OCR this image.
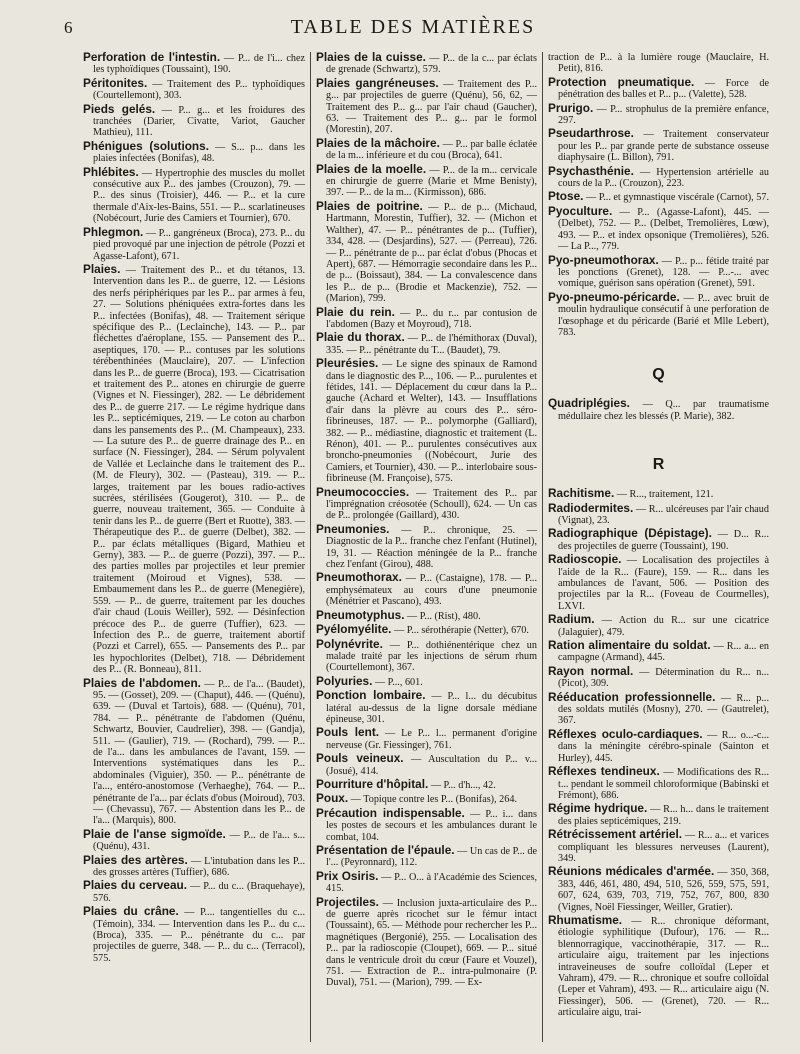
6	TABLE DES MATIÈRES

Perforation de l'intestin. — P... de l'i... chez les typhoïdiques (Toussaint), 190.

Péritonites. — Traitement des P... typhoïdiques (Courtellemont), 303.

Pieds gelés. — P... g... et les froidures des tranchées (Darier, Civatte, Variot, Gaucher Mathieu), 111.

Phénigues (solutions. — S... p... dans les plaies infectées (Bonifas), 48.

Phlébites. — Hypertrophie des muscles du mollet consécutive aux P... des jambes (Crouzon), 79. — P... des sinus (Troisier), 446. — P... et la cure thermale d'Aix-les-Bains, 551. — P... scarlatineuses (Nobécourt, Jurie des Camiers et Tournier), 670.

Phlegmon. — P... gangréneux (Broca), 273. P... du pied provoqué par une injection de pétrole (Pozzi et Agasse-Lafont), 671.

Plaies. — Traitement des P... et du tétanos, 13. Intervention dans les P... de guerre, 12. — Lésions des nerfs périphériques par les P... par armes à feu, 27. — Solutions phéniquées extra-fortes dans les P... infectées (Bonifas), 48. — Traitement sérique spécifique des P... (Leclainche), 143. — P... par fléchettes d'aéroplane, 155. — Pansement des P... aseptiques, 170. — P... contuses par les solutions térébenthinées (Mauclaire), 207. — L'infection dans les P... de guerre (Broca), 193. — Cicatrisation et traitement des P... atones en chirurgie de guerre (Vignes et N. Fiessinger), 282. — Le débridement des P... de guerre 217. — Le régime hydrique dans les P... septicémiques, 219. — Le coton au charbon dans les pansements des P... (M. Champeaux), 233. — La suture des P... de guerre drainage des P... en surface (N. Fiessinger), 284. — Sérum polyvalent de Vallée et Leclainche dans le traitement des P... (M. de Fleury), 302. — (Pasteau), 319. — P... larges, traitement par les boues radio-actives sucrées, stérilisées (Gougerot), 310. — P... de guerre, nouveau traitement, 365. — Conduite à tenir dans les P... de guerre (Bert et Ruotte), 383. — Thérapeutique des P... de guerre (Delbet), 382. — P... par éclats métalliques (Bigard, Mathieu et Gerny), 383. — P... de guerre (Pozzi), 397. — P... des parties molles par projectiles et leur premier traitement (Moiroud et Vignes), 538. — Embaumement dans les P... de guerre (Menegière), 559. — P... de guerre, traitement par les douches d'air chaud (Louis Weiller), 592. — Désinfection précoce des P... de guerre (Tuffier), 623. — Infection des P... de guerre, traitement abortif (Pozzi et Carrel), 655. — Pansements des P... par les hypochlorites (Delbet), 718. — Débridement des P... (R. Bonneau), 811.

Plaies de l'abdomen. — P... de l'a... (Baudet), 95. — (Gosset), 209. — (Chaput), 446. — (Quénu), 639. — (Duval et Tartois), 688. — (Quénu), 701, 784. — P... pénétrante de l'abdomen (Quénu, Schwartz, Bouvier, Caudrelier), 398. — (Gandja), 511. — (Gaulier), 719. — (Rochard), 799. — P... de l'a... dans les ambulances de l'avant, 159. — Interventions systématiques dans les P... abdominales (Viguier), 350. — P... pénétrante de l'a..., entéro-anostomose (Verhaeghe), 764. — P... pénétrante de l'a... par éclats d'obus (Moiroud), 703. — (Chevassu), 767. — Abstention dans les P... de l'a... (Marquis), 800.

Plaie de l'anse sigmoïde. — P... de l'a... s... (Quénu), 431.

Plaies des artères. — L'intubation dans les P... des grosses artères (Tuffier), 686.

Plaies du cerveau. — P... du c... (Braquehaye), 576.

Plaies du crâne. — P.... tangentielles du c... (Témoin), 334. — Intervention dans les P... du c... (Broca), 335. — P... pénétrante du c... par projectiles de guerre, 348. — P... du c... (Terracol), 575.

Plaies de la cuisse. — P... de la c... par éclats de grenade (Schwartz), 579.

Plaies gangréneuses. — Traitement des P... g... par projectiles de guerre (Quénu), 56, 62, — Traitement des P... g... par l'air chaud (Gaucher), 63. — Traitement des P... g... par le formol (Morestin), 207.

Plaies de la mâchoire. — P... par balle éclatée de la m... inférieure et du cou (Broca), 641.

Plaies de la moelle. — P... de la m... cervicale en chirurgie de guerre (Marie et Mme Benisty), 397. — P... de la m... (Kirmisson), 686.

Plaies de poitrine. — P... de p... (Michaud, Hartmann, Morestin, Tuffier), 32. — (Michon et Walther), 47. — P... pénétrantes de p... (Tuffier), 334, 428. — (Desjardins), 527. — (Perreau), 726. — P... pénétrante de p... par éclat d'obus (Phocas et Apert), 687. — Hémorragie secondaire dans les P... de p... (Boissaut), 384. — La convalescence dans les P... de p... (Brodie et Mackenzie), 752. — (Marion), 799.

Plaie du rein. — P... du r... par contusion de l'abdomen (Bazy et Moyroud), 718.

Plaie du thorax. — P... de l'hémithorax (Duval), 335. — P... pénétrante du T... (Baudet), 79.

Pleurésies. — Le signe des spinaux de Ramond dans le diagnostic des P..., 106. — P... purulentes et fétides, 141. — Déplacement du cœur dans la P... gauche (Achard et Welter), 143. — Insufflations d'air dans la plèvre au cours des P... séro-fibrineuses, 187. — P... polymorphe (Galliard), 382. — P... médiastine, diagnostic et traitement (L. Rénon), 401. — P... purulentes consécutives aux broncho-pneumonies ((Nobécourt, Jurie des Camiers, et Tournier), 430. — P... interlobaire sous-fibrineuse (M. Françoise), 575.

Pneumococcies. — Traitement des P... par l'imprégnation créosotée (Schoull), 624. — Un cas de P... prolongée (Gaillard), 430.

Pneumonies. — P... chronique, 25. — Diagnostic de la P... franche chez l'enfant (Hutinel), 19, 31. — Réaction méningée de la P... franche chez l'enfant (Girou), 488.

Pneumothorax. — P... (Castaigne), 178. — P... emphysémateux au cours d'une pneumonie (Ménétrier et Pascano), 493.

Pneumotyphus. — P... (Rist), 480.

Pyélomyélite. — P... sérothérapie (Netter), 670.

Polynévrite. — P... dothiénentérique chez un malade traité par les injections de sérum rhum (Courtellemont), 367.

Polyuries. — P..., 601.

Ponction lombaire. — P... l... du décubitus latéral au-dessus de la ligne dorsale médiane épineuse, 301.

Pouls lent. — Le P... l... permanent d'origine nerveuse (Gr. Fiessinger), 761.

Pouls veineux. — Auscultation du P... v... (Josué), 414.

Pourriture d'hôpital. — P... d'h..., 42.

Poux. — Topique contre les P... (Bonifas), 264.

Précaution indispensable. — P... i... dans les postes de secours et les ambulances durant le combat, 104.

Présentation de l'épaule. — Un cas de P... de l'... (Peyronnard), 112.

Prix Osiris. — P... O... à l'Académie des Sciences, 415.

Projectiles. — Inclusion juxta-articulaire des P... de guerre après ricochet sur le fémur intact (Toussaint), 65. — Méthode pour rechercher les P... magnétiques (Bergonié), 255. — Localisation des P... par la radioscopie (Cloupet), 669. — P... situé dans le ventricule droit du cœur (Faure et Vouzel), 751. — Extraction de P... intra-pulmonaire (P. Duval), 751. — (Marion), 799. — Ex-

traction de P... à la lumière rouge (Mauclaire, H. Petit), 816.

Protection pneumatique. — Force de pénétration des balles et P... p... (Valette), 528.

Prurigo. — P... strophulus de la première enfance, 297.

Pseudarthrose. — Traitement conservateur pour les P... par grande perte de substance osseuse diaphysaire (L. Billon), 791.

Psychasthénie. — Hypertension artérielle au cours de la P... (Crouzon), 223.

Ptose. — P... et gymnastique viscérale (Carnot), 57.

Pyoculture. — P... (Agasse-Lafont), 445. — (Delbet), 752. — P... (Delbet, Tremolières, Lœw), 493. — P... et index opsonique (Tremolières), 526. — La P..., 779.

Pyo-pneumothorax. — P... p... fétide traité par les ponctions (Grenet), 128. — P...-... avec vomique, guérison sans opération (Grenet), 591.

Pyo-pneumo-péricarde. — P... avec bruit de moulin hydraulique consécutif à une perforation de l'œsophage et du péricarde (Barié et Mlle Lebert), 783.

Q

Quadriplégies. — Q... par traumatisme médullaire chez les blessés (P. Marie), 382.

R

Rachitisme. — R..., traitement, 121.

Radiodermites. — R... ulcéreuses par l'air chaud (Vignat), 23.

Radiographique (Dépistage). — D... R... des projectiles de guerre (Toussaint), 190.

Radioscopie. — Localisation des projectiles à l'aide de la R... (Faure), 159. — R... dans les ambulances de l'avant, 506. — Position des projectiles par la R... (Foveau de Courmelles), LXVI.

Radium. — Action du R... sur une cicatrice (Jalaguier), 479.

Ration alimentaire du soldat. — R... a... en campagne (Armand), 445.

Rayon normal. — Détermination du R... n... (Picot), 309.

Rééducation professionnelle. — R... p... des soldats mutilés (Mosny), 270. — (Gautrelet), 367.

Réflexes oculo-cardiaques. — R... o...-c... dans la méningite cérébro-spinale (Sainton et Hurley), 445.

Réflexes tendineux. — Modifications des R... t... pendant le sommeil chloroformique (Babinski et Frémont), 686.

Régime hydrique. — R... h... dans le traitement des plaies septicémiques, 219.

Rétrécissement artériel. — R... a... et varices compliquant les blessures nerveuses (Laurent), 349.

Réunions médicales d'armée. — 350, 368, 383, 446, 461, 480, 494, 510, 526, 559, 575, 591, 607, 624, 639, 703, 719, 752, 767, 800, 830 (Vignes, Noël Fiessinger, Weiller, Gratier).

Rhumatisme. — R... chronique déformant, étiologie syphilitique (Dufour), 176. — R... blennorragique, vaccinothérapie, 317. — R... articulaire aigu, traitement par les injections intraveineuses de soufre colloïdal (Leper et Vahram), 479. — R... chronique et soufre colloïdal (Leper et Vahram), 493. — R... articulaire aigu (N. Fiessinger), 506. — (Grenet), 720. — R... articulaire aigu, trai-
